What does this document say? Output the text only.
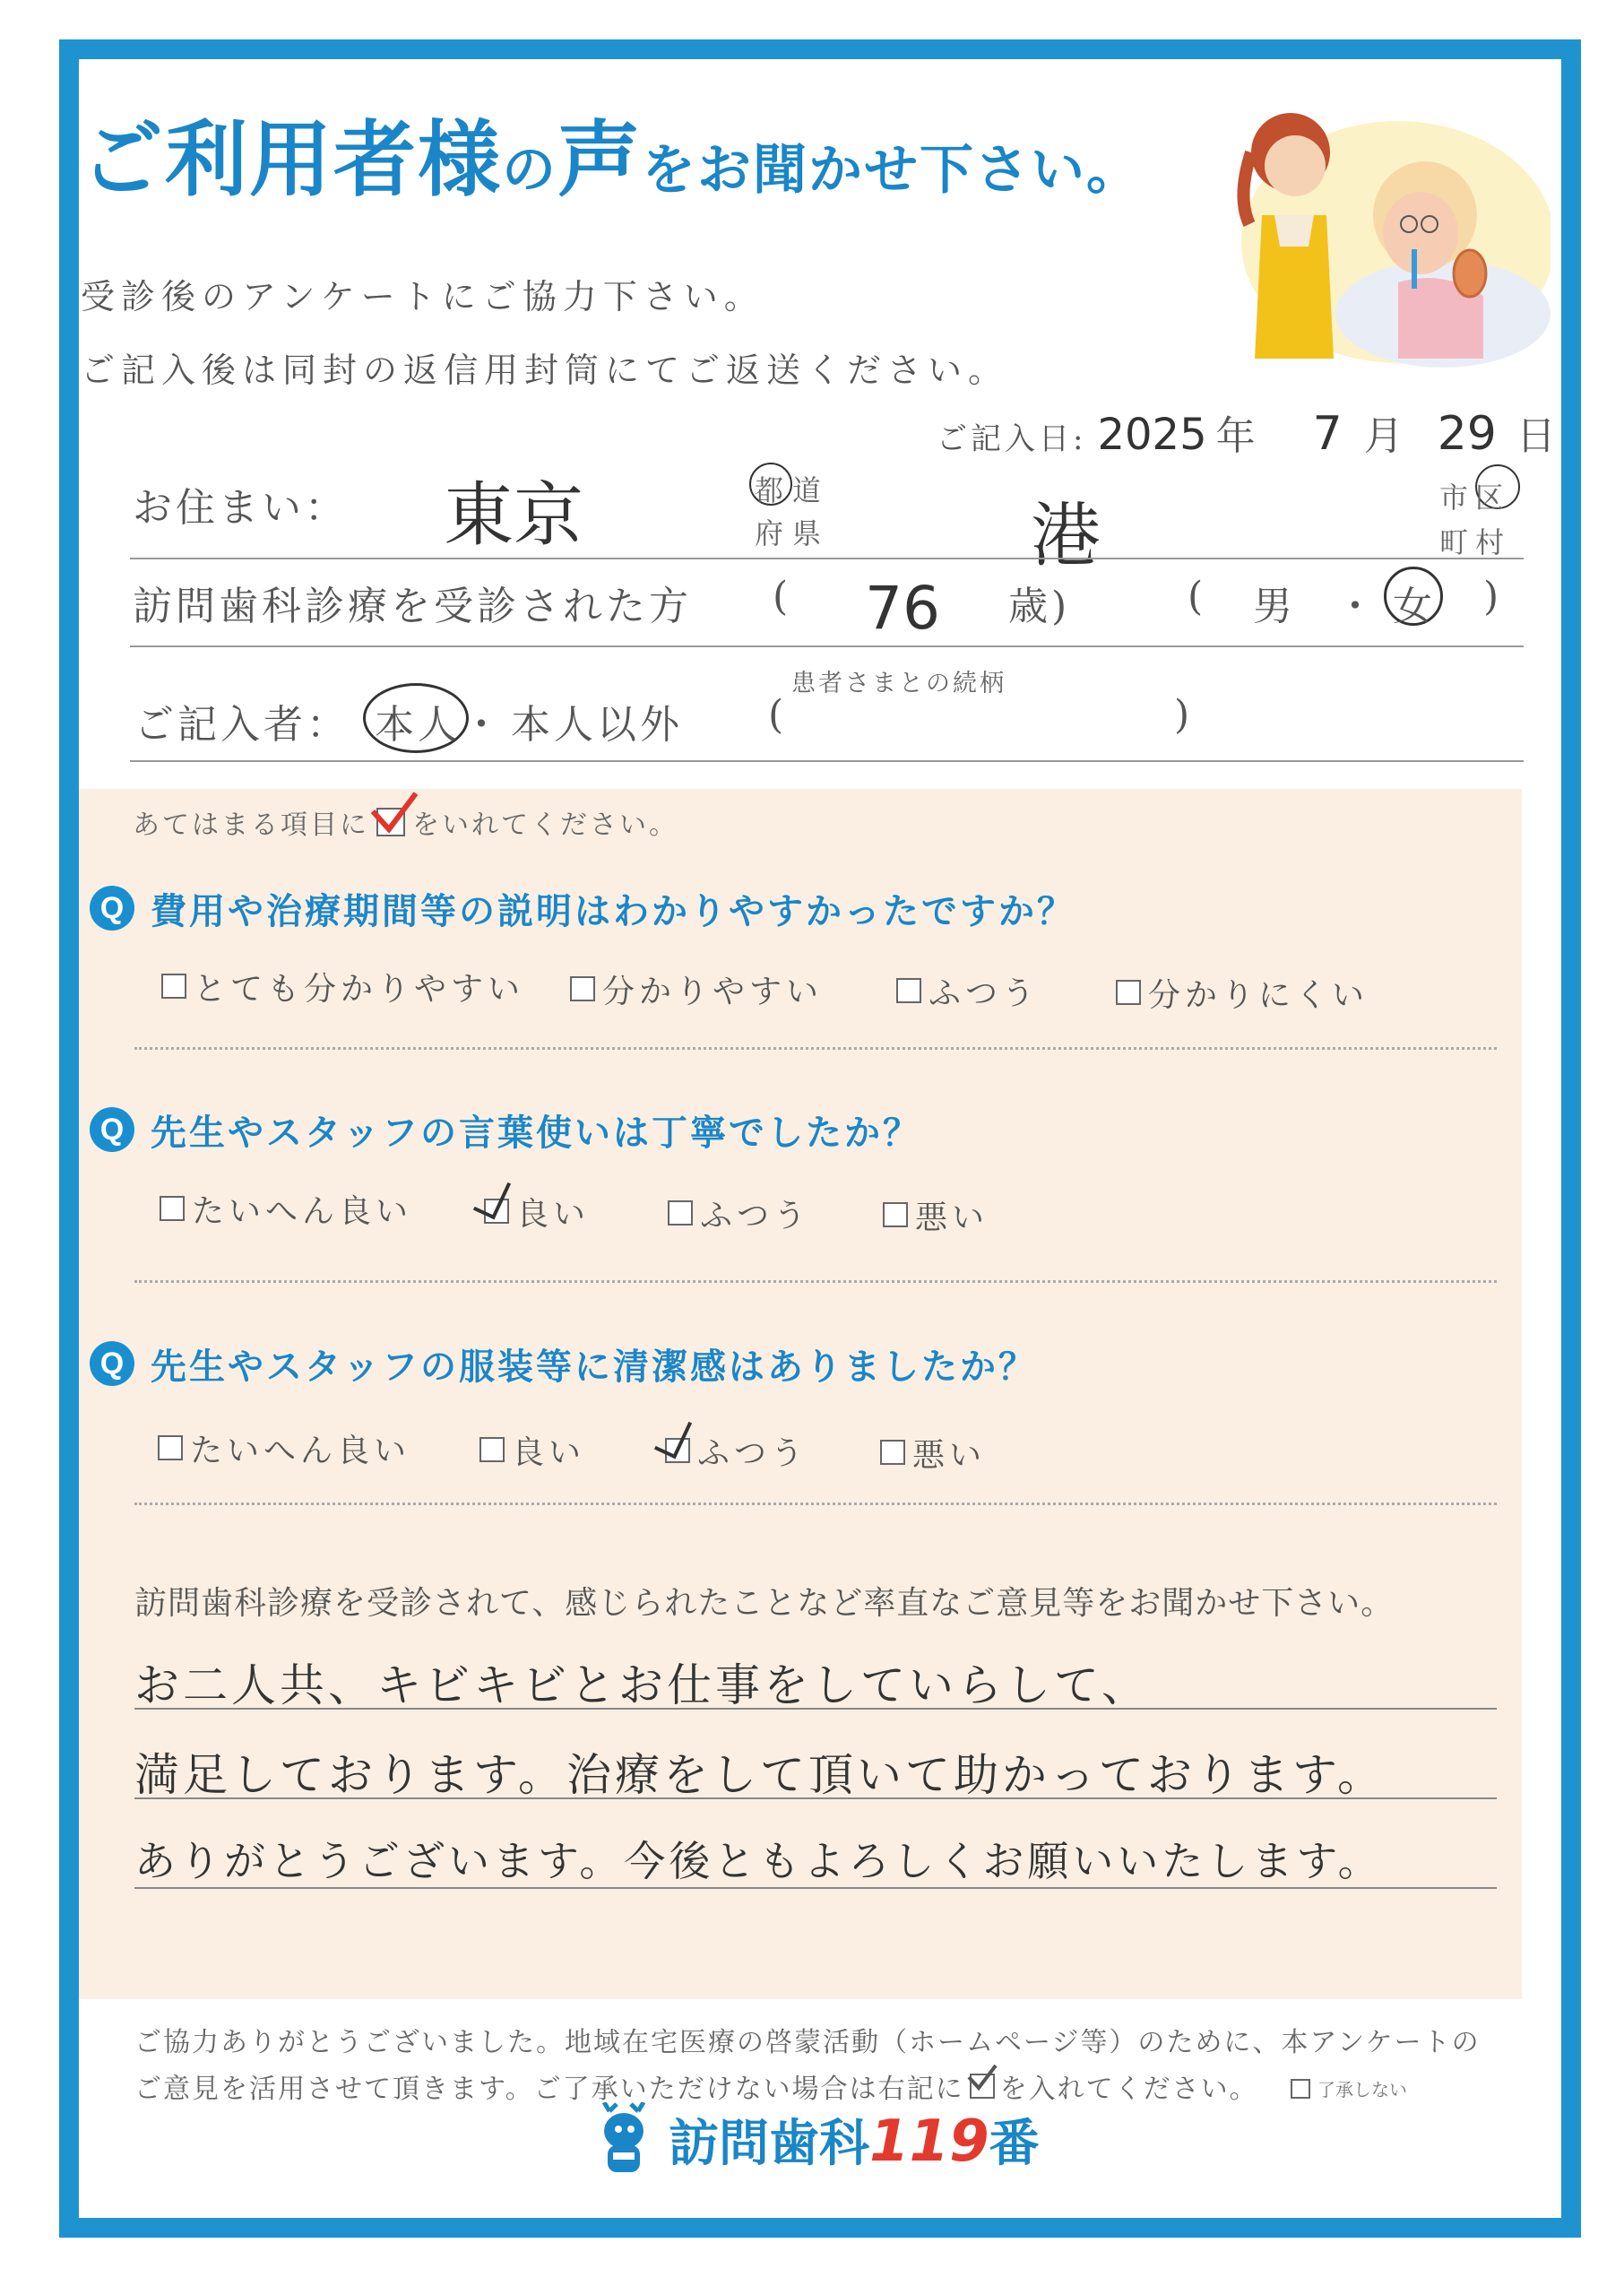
ご利用者様の声をお聞かせ下さい。
受診後のアンケートにご協力下さい。
ご記入後は同封の返信用封筒にてご返送ください。
ご記入日: 2025 年 7 月 29 日
お住まい： 東京	都道
府県	港	市区
町村
訪問歯科診療を受診された方 ( 76 歳)	( 男 ・ 女 )
患者さまとの続柄
ご記入者： 本人 ・ 本人以外 (	)
あてはまる項目に をいれてください。
Q 費用や治療期間等の説明はわかりやすかったですか？
とても分かりやすい 分かりやすい	ふつう	分かりにくい
Q 先生やスタッフの言葉使いは丁寧でしたか？
たいへん良い	良い	ふつう	悪い
Q 先生やスタッフの服装等に清潔感はありましたか？
たいへん良い	良い	ふつう	悪い
訪問歯科診療を受診されて、感じられたことなど率直なご意見等をお聞かせ下さい。
お二人共、キビキビとお仕事をしていらして、
満足しております。治療をして頂いて助かっております。
ありがとうございます。今後ともよろしくお願いいたします。
ご協力ありがとうございました。地域在宅医療の啓蒙活動（ホームページ等）のために、本アンケートの
ご意見を活用させて頂きます。ご了承いただけない場合は右記に を入れてください。	了承しない
訪問歯科119番
